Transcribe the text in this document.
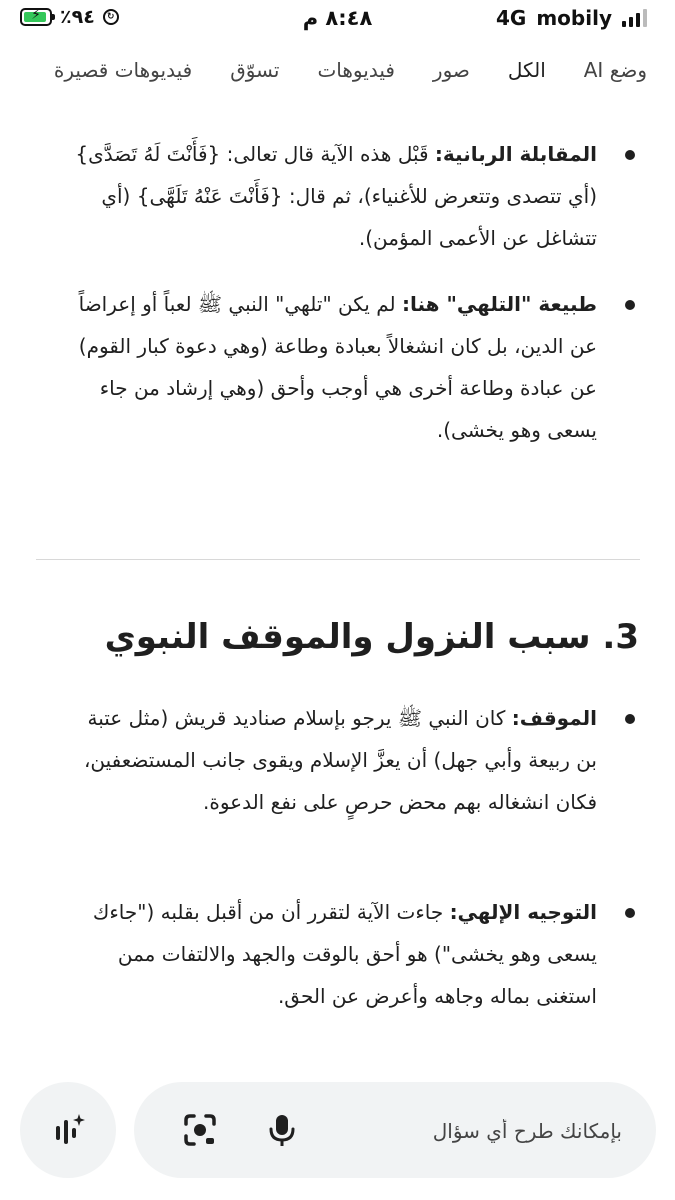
4G mobily
٨:٤٨ م
⚡	٪٩٤	↻
وضع AI
الكل
صور
فيديوهات
تسوّق
فيديوهات قصيرة
المقابلة الربانية: قَبْل هذه الآية قال تعالى: {فَأَنْتَ لَهُ تَصَدَّى} (أي تتصدى وتتعرض للأغنياء)، ثم قال: {فَأَنْتَ عَنْهُ تَلَهَّى} (أي تتشاغل عن الأعمى المؤمن).
طبيعة "التلهي" هنا: لم يكن "تلهي" النبي ﷺ لعباً أو إعراضاً عن الدين، بل كان انشغالاً بعبادة وطاعة (وهي دعوة كبار القوم) عن عبادة وطاعة أخرى هي أوجب وأحق (وهي إرشاد من جاء يسعى وهو يخشى).
3. سبب النزول والموقف النبوي
الموقف: كان النبي ﷺ يرجو بإسلام صناديد قريش (مثل عتبة بن ربيعة وأبي جهل) أن يعزَّ الإسلام ويقوى جانب المستضعفين، فكان انشغاله بهم محض حرصٍ على نفع الدعوة.
التوجيه الإلهي: جاءت الآية لتقرر أن من أقبل بقلبه ("جاءك يسعى وهو يخشى") هو أحق بالوقت والجهد والالتفات ممن استغنى بماله وجاهه وأعرض عن الحق.
بإمكانك طرح أي سؤال
